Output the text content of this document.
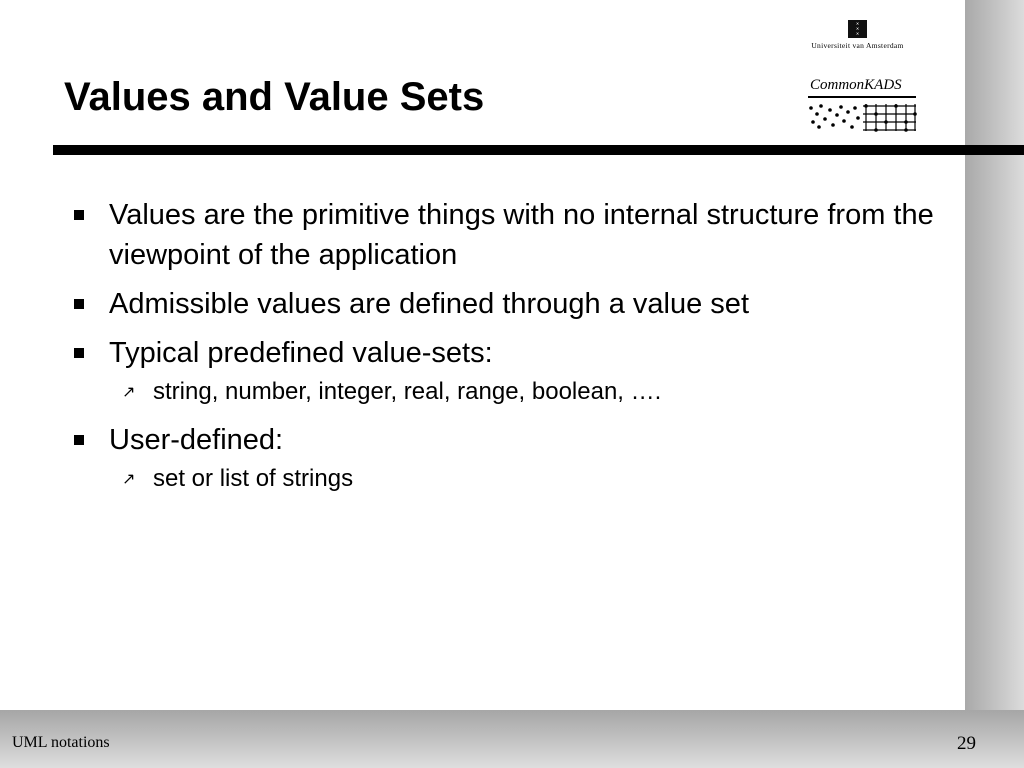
✕
✕
✕
Universiteit van Amsterdam
CommonKADS
Values and Value Sets
Values are the primitive things with no internal structure from the viewpoint of the application
Admissible values are defined through a value set
Typical predefined value-sets:
↗ string, number, integer, real, range, boolean, ….
User-defined:
↗ set or list of strings
UML notations	29
